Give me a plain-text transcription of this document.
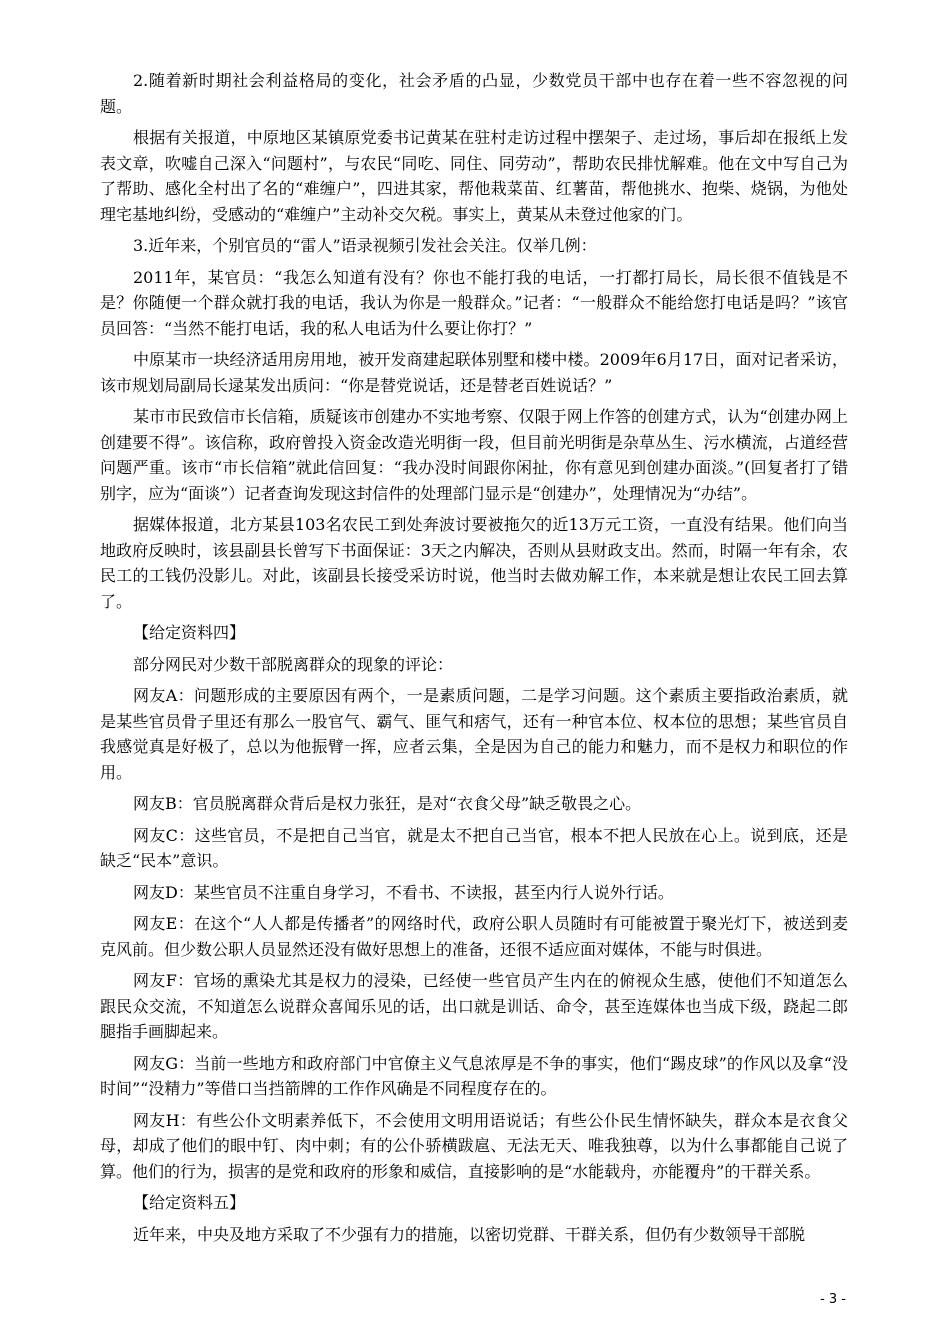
2.随着新时期社会利益格局的变化，社会矛盾的凸显，少数党员干部中也存在着一些不容忽视的问题。

根据有关报道，中原地区某镇原党委书记黄某在驻村走访过程中摆架子、走过场，事后却在报纸上发表文章，吹嘘自己深入“问题村”，与农民“同吃、同住、同劳动”，帮助农民排忧解难。他在文中写自己为了帮助、感化全村出了名的“难缠户”，四进其家，帮他栽菜苗、红薯苗，帮他挑水、抱柴、烧锅，为他处理宅基地纠纷，受感动的“难缠户”主动补交欠税。事实上，黄某从未登过他家的门。

3.近年来，个别官员的“雷人”语录视频引发社会关注。仅举几例：

2011年，某官员：“我怎么知道有没有？你也不能打我的电话，一打都打局长，局长很不值钱是不是？你随便一个群众就打我的电话，我认为你是一般群众。”记者：“一般群众不能给您打电话是吗？”该官员回答：“当然不能打电话，我的私人电话为什么要让你打？”

中原某市一块经济适用房用地，被开发商建起联体别墅和楼中楼。2009年6月17日，面对记者采访，该市规划局副局长逯某发出质问：“你是替党说话，还是替老百姓说话？”

某市市民致信市长信箱，质疑该市创建办不实地考察、仅限于网上作答的创建方式，认为“创建办网上创建要不得”。该信称，政府曾投入资金改造光明街一段，但目前光明街是杂草丛生、污水横流，占道经营问题严重。该市“市长信箱”就此信回复：“我办没时间跟你闲扯，你有意见到创建办面淡。”(回复者打了错别字，应为“面谈”）记者查询发现这封信件的处理部门显示是“创建办”，处理情况为“办结”。

据媒体报道，北方某县103名农民工到处奔波讨要被拖欠的近13万元工资，一直没有结果。他们向当地政府反映时，该县副县长曾写下书面保证：3天之内解决，否则从县财政支出。然而，时隔一年有余，农民工的工钱仍没影儿。对此，该副县长接受采访时说，他当时去做劝解工作，本来就是想让农民工回去算了。

【给定资料四】

部分网民对少数干部脱离群众的现象的评论：

网友A：问题形成的主要原因有两个，一是素质问题，二是学习问题。这个素质主要指政治素质，就是某些官员骨子里还有那么一股官气、霸气、匪气和痞气，还有一种官本位、权本位的思想；某些官员自我感觉真是好极了，总以为他振臂一挥，应者云集，全是因为自己的能力和魅力，而不是权力和职位的作用。

网友B：官员脱离群众背后是权力张狂，是对“衣食父母”缺乏敬畏之心。

网友C：这些官员，不是把自己当官，就是太不把自己当官，根本不把人民放在心上。说到底，还是缺乏“民本”意识。

网友D：某些官员不注重自身学习，不看书、不读报，甚至内行人说外行话。

网友E：在这个“人人都是传播者”的网络时代，政府公职人员随时有可能被置于聚光灯下，被送到麦克风前。但少数公职人员显然还没有做好思想上的准备，还很不适应面对媒体，不能与时俱进。

网友F：官场的熏染尤其是权力的浸染，已经使一些官员产生内在的俯视众生感，使他们不知道怎么跟民众交流，不知道怎么说群众喜闻乐见的话，出口就是训话、命令，甚至连媒体也当成下级，跷起二郎腿指手画脚起来。

网友G：当前一些地方和政府部门中官僚主义气息浓厚是不争的事实，他们“踢皮球”的作风以及拿“没时间”“没精力”等借口当挡箭牌的工作作风确是不同程度存在的。

网友H：有些公仆文明素养低下，不会使用文明用语说话；有些公仆民生情怀缺失，群众本是衣食父母，却成了他们的眼中钉、肉中刺；有的公仆骄横跋扈、无法无天、唯我独尊，以为什么事都能自己说了算。他们的行为，损害的是党和政府的形象和威信，直接影响的是“水能载舟，亦能覆舟”的干群关系。

【给定资料五】

近年来，中央及地方采取了不少强有力的措施，以密切党群、干群关系，但仍有少数领导干部脱

- 3 -
